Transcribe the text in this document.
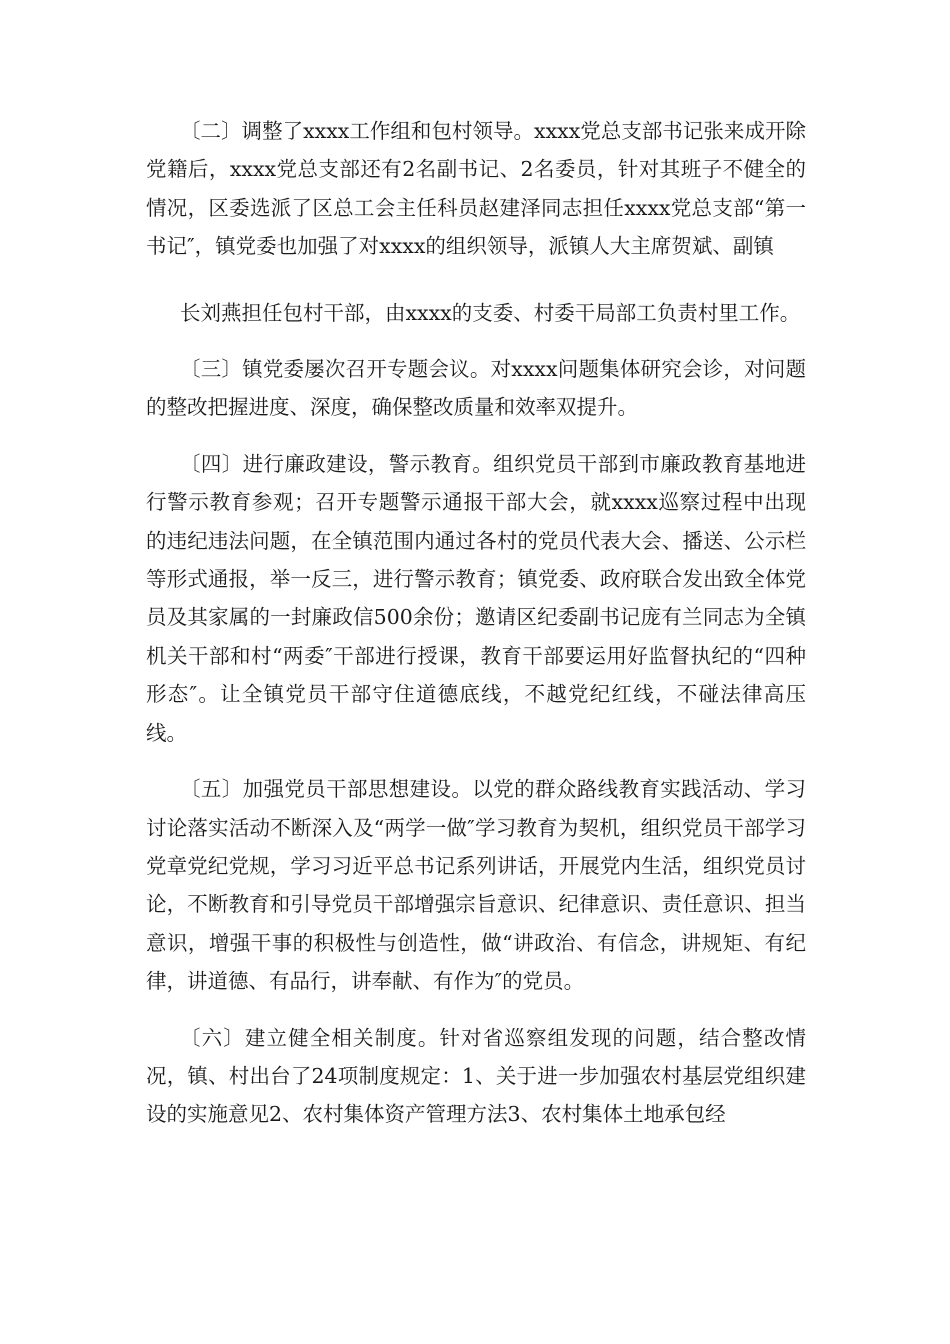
〔二〕调整了xxxx工作组和包村领导。xxxx党总支部书记张来成开除党籍后，xxxx党总支部还有2名副书记、2名委员，针对其班子不健全的情况，区委选派了区总工会主任科员赵建泽同志担任xxxx党总支部“第一书记″，镇党委也加强了对xxxx的组织领导，派镇人大主席贺斌、副镇

长刘燕担任包村干部，由xxxx的支委、村委干局部工负责村里工作。

〔三〕镇党委屡次召开专题会议。对xxxx问题集体研究会诊，对问题的整改把握进度、深度，确保整改质量和效率双提升。

〔四〕进行廉政建设，警示教育。组织党员干部到市廉政教育基地进行警示教育参观；召开专题警示通报干部大会，就xxxx巡察过程中出现的违纪违法问题，在全镇范围内通过各村的党员代表大会、播送、公示栏等形式通报，举一反三，进行警示教育；镇党委、政府联合发出致全体党员及其家属的一封廉政信500余份；邀请区纪委副书记庞有兰同志为全镇机关干部和村“两委″干部进行授课，教育干部要运用好监督执纪的“四种形态″。让全镇党员干部守住道德底线，不越党纪红线，不碰法律高压线。

〔五〕加强党员干部思想建设。以党的群众路线教育实践活动、学习讨论落实活动不断深入及“两学一做″学习教育为契机，组织党员干部学习党章党纪党规，学习习近平总书记系列讲话，开展党内生活，组织党员讨论，不断教育和引导党员干部增强宗旨意识、纪律意识、责任意识、担当意识，增强干事的积极性与创造性，做“讲政治、有信念，讲规矩、有纪律，讲道德、有品行，讲奉献、有作为″的党员。

〔六〕建立健全相关制度。针对省巡察组发现的问题，结合整改情况，镇、村出台了24项制度规定：1、关于进一步加强农村基层党组织建设的实施意见2、农村集体资产管理方法3、农村集体土地承包经
